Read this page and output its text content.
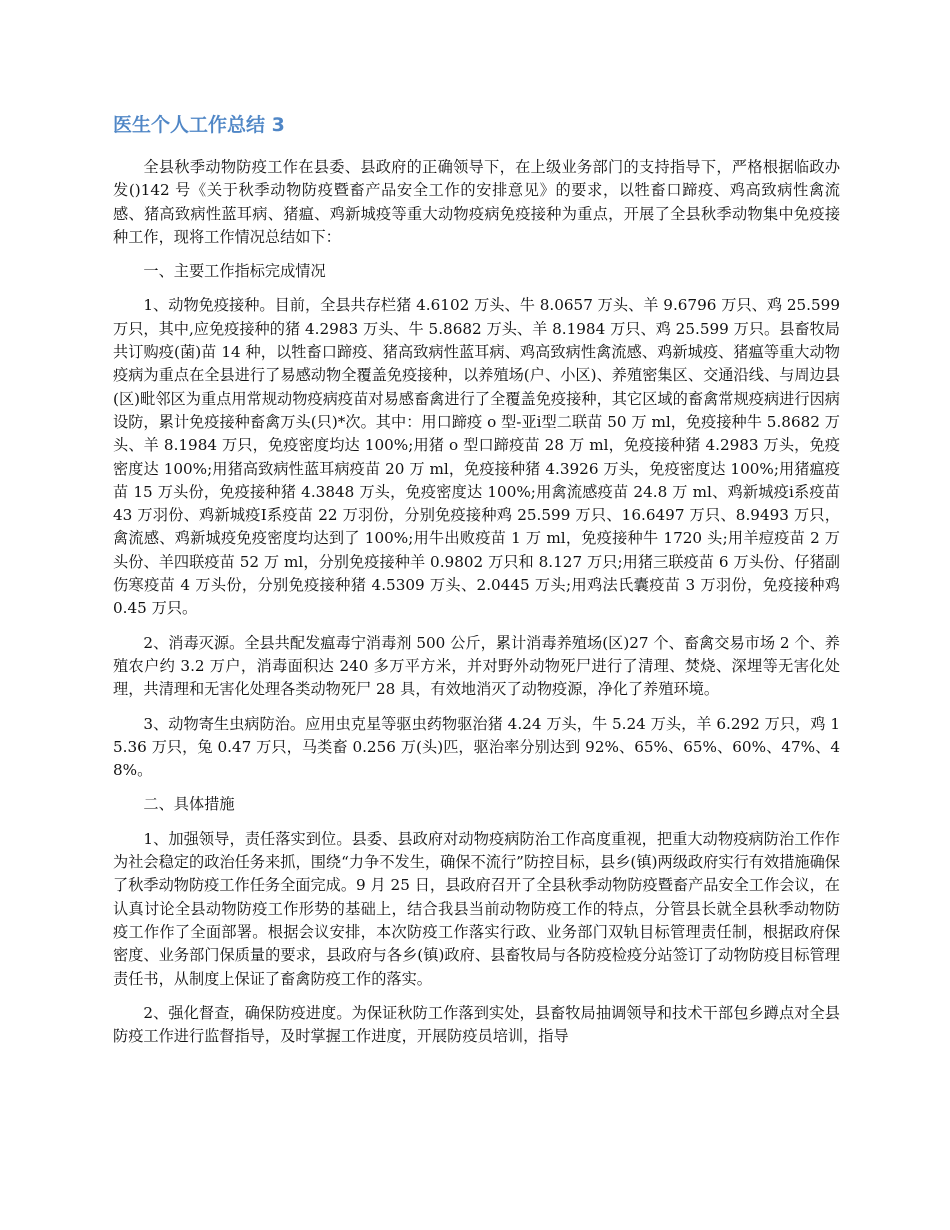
医生个人工作总结 3

全县秋季动物防疫工作在县委、县政府的正确领导下，在上级业务部门的支持指导下，严格根据临政办发()142 号《关于秋季动物防疫暨畜产品安全工作的安排意见》的要求，以牲畜口蹄疫、鸡高致病性禽流感、猪高致病性蓝耳病、猪瘟、鸡新城疫等重大动物疫病免疫接种为重点，开展了全县秋季动物集中免疫接种工作，现将工作情况总结如下：

一、主要工作指标完成情况

1、动物免疫接种。目前，全县共存栏猪 4.6102 万头、牛 8.0657 万头、羊 9.6796 万只、鸡 25.599 万只，其中,应免疫接种的猪 4.2983 万头、牛 5.8682 万头、羊 8.1984 万只、鸡 25.599 万只。县畜牧局共订购疫(菌)苗 14 种，以牲畜口蹄疫、猪高致病性蓝耳病、鸡高致病性禽流感、鸡新城疫、猪瘟等重大动物疫病为重点在全县进行了易感动物全覆盖免疫接种，以养殖场(户、小区)、养殖密集区、交通沿线、与周边县(区)毗邻区为重点用常规动物疫病疫苗对易感畜禽进行了全覆盖免疫接种，其它区域的畜禽常规疫病进行因病设防，累计免疫接种畜禽万头(只)*次。其中：用口蹄疫 o 型-亚ⅰ型二联苗 50 万 ml，免疫接种牛 5.8682 万头、羊 8.1984 万只，免疫密度均达 100%;用猪 o 型口蹄疫苗 28 万 ml，免疫接种猪 4.2983 万头，免疫密度达 100%;用猪高致病性蓝耳病疫苗 20 万 ml，免疫接种猪 4.3926 万头，免疫密度达 100%;用猪瘟疫苗 15 万头份，免疫接种猪 4.3848 万头，免疫密度达 100%;用禽流感疫苗 24.8 万 ml、鸡新城疫ⅰ系疫苗 43 万羽份、鸡新城疫Ⅰ系疫苗 22 万羽份，分别免疫接种鸡 25.599 万只、16.6497 万只、8.9493 万只，禽流感、鸡新城疫免疫密度均达到了 100%;用牛出败疫苗 1 万 ml，免疫接种牛 1720 头;用羊痘疫苗 2 万头份、羊四联疫苗 52 万 ml，分别免疫接种羊 0.9802 万只和 8.127 万只;用猪三联疫苗 6 万头份、仔猪副伤寒疫苗 4 万头份，分别免疫接种猪 4.5309 万头、2.0445 万头;用鸡法氏囊疫苗 3 万羽份，免疫接种鸡 0.45 万只。

2、消毒灭源。全县共配发瘟毒宁消毒剂 500 公斤，累计消毒养殖场(区)27 个、畜禽交易市场 2 个、养殖农户约 3.2 万户，消毒面积达 240 多万平方米，并对野外动物死尸进行了清理、焚烧、深埋等无害化处理，共清理和无害化处理各类动物死尸 28 具，有效地消灭了动物疫源，净化了养殖环境。

3、动物寄生虫病防治。应用虫克星等驱虫药物驱治猪 4.24 万头，牛 5.24 万头，羊 6.292 万只，鸡 15.36 万只，兔 0.47 万只，马类畜 0.256 万(头)匹，驱治率分别达到 92%、65%、65%、60%、47%、48%。

二、具体措施

1、加强领导，责任落实到位。县委、县政府对动物疫病防治工作高度重视，把重大动物疫病防治工作作为社会稳定的政治任务来抓，围绕“力争不发生，确保不流行”防控目标，县乡(镇)两级政府实行有效措施确保了秋季动物防疫工作任务全面完成。9 月 25 日，县政府召开了全县秋季动物防疫暨畜产品安全工作会议，在认真讨论全县动物防疫工作形势的基础上，结合我县当前动物防疫工作的特点，分管县长就全县秋季动物防疫工作作了全面部署。根据会议安排，本次防疫工作落实行政、业务部门双轨目标管理责任制，根据政府保密度、业务部门保质量的要求，县政府与各乡(镇)政府、县畜牧局与各防疫检疫分站签订了动物防疫目标管理责任书，从制度上保证了畜禽防疫工作的落实。

2、强化督查，确保防疫进度。为保证秋防工作落到实处，县畜牧局抽调领导和技术干部包乡蹲点对全县防疫工作进行监督指导，及时掌握工作进度，开展防疫员培训，指导
